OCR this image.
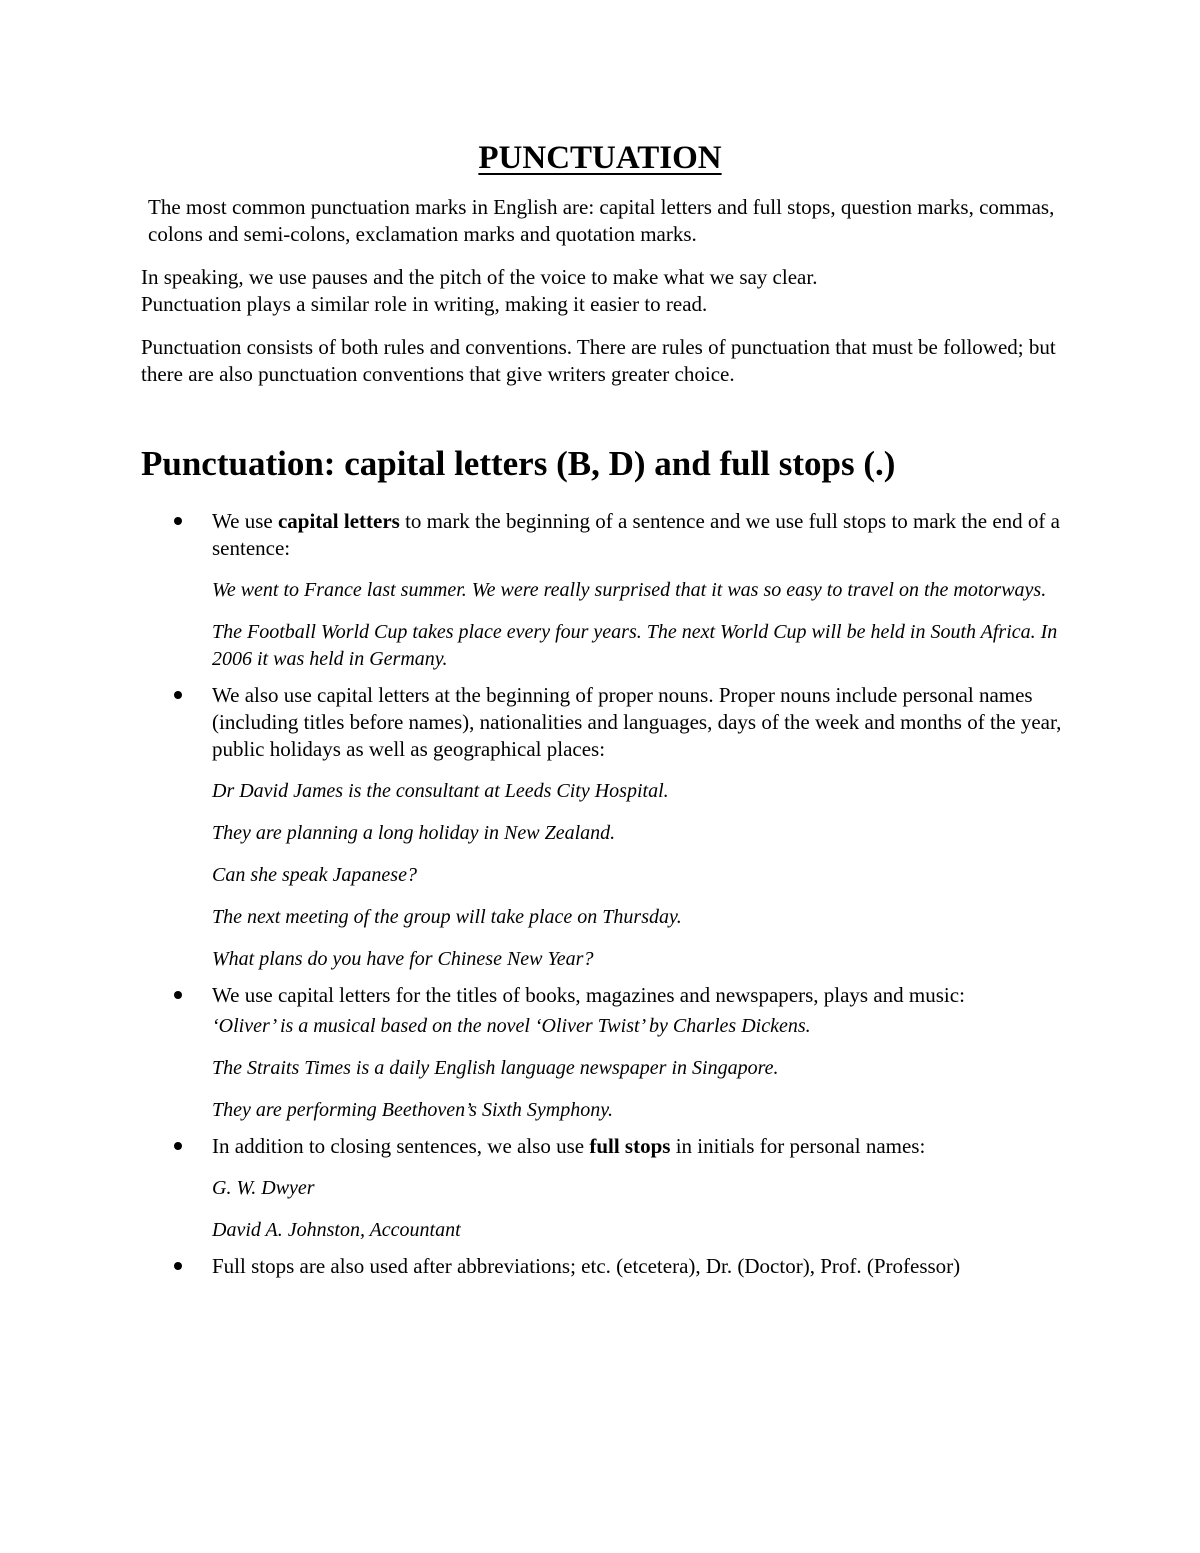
PUNCTUATION

The most common punctuation marks in English are: capital letters and full stops, question marks, commas, colons and semi-colons, exclamation marks and quotation marks.

In speaking, we use pauses and the pitch of the voice to make what we say clear. Punctuation plays a similar role in writing, making it easier to read.

Punctuation consists of both rules and conventions. There are rules of punctuation that must be followed; but there are also punctuation conventions that give writers greater choice.

Punctuation: capital letters (B, D) and full stops (.)

We use capital letters to mark the beginning of a sentence and we use full stops to mark the end of a sentence:

We went to France last summer. We were really surprised that it was so easy to travel on the motorways.

The Football World Cup takes place every four years. The next World Cup will be held in South Africa. In 2006 it was held in Germany.

We also use capital letters at the beginning of proper nouns. Proper nouns include personal names (including titles before names), nationalities and languages, days of the week and months of the year, public holidays as well as geographical places:

Dr David James is the consultant at Leeds City Hospital.

They are planning a long holiday in New Zealand.

Can she speak Japanese?

The next meeting of the group will take place on Thursday.

What plans do you have for Chinese New Year?

We use capital letters for the titles of books, magazines and newspapers, plays and music:

‘Oliver’ is a musical based on the novel ‘Oliver Twist’ by Charles Dickens.

The Straits Times is a daily English language newspaper in Singapore.

They are performing Beethoven’s Sixth Symphony.

In addition to closing sentences, we also use full stops in initials for personal names:

G. W. Dwyer

David A. Johnston, Accountant

Full stops are also used after abbreviations; etc. (etcetera), Dr. (Doctor), Prof. (Professor)
